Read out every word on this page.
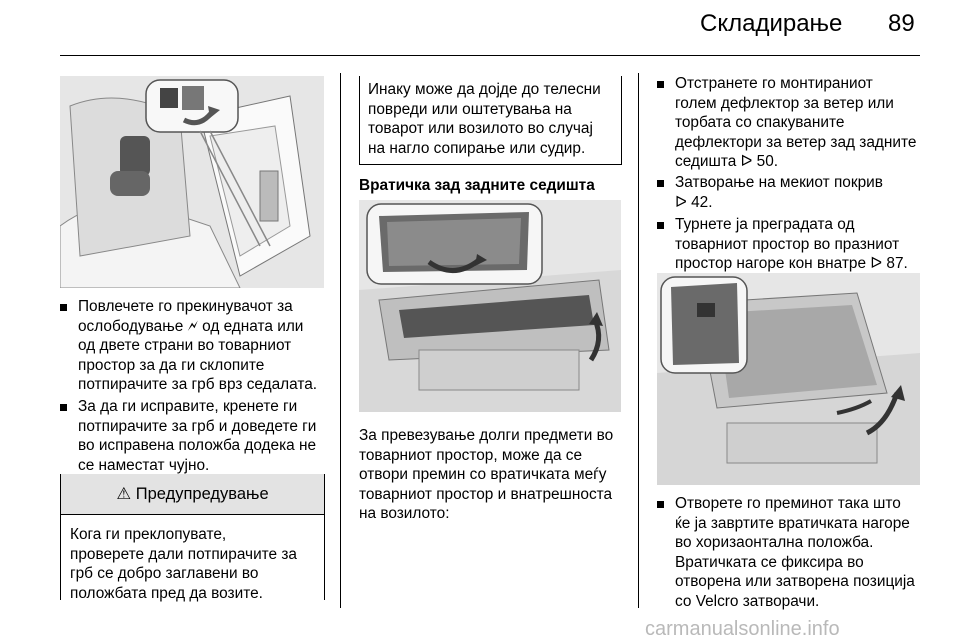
Складирање 89
Повлечете го прекинувачот за
ослободување 🗲 од едната или
од двете страни во товарниот
простор за да ги склопите
потпирачите за грб врз седалата.
За да ги исправите, кренете ги
потпирачите за грб и доведете ги
во исправена положба додека не
се наместат чујно.
⚠ Предупредување
Кога ги преклопувате,
проверете дали потпирачите за
грб се добро заглавени во
положбата пред да возите.
Инаку може да дојде до телесни
повреди или оштетувања на
товарот или возилото во случај
на нагло сопирање или судир.
Вратичка зад задните седишта
За превезување долги предмети во
товарниот простор, може да се
отвори премин со вратичката меѓу
товарниот простор и внатрешноста
на возилото:
Отстранете го монтираниот
голем дефлектор за ветер или
торбата со спакуваните
дефлектори за ветер зад задните
седишта ᐅ 50.
Затворање на мекиот покрив
ᐅ 42.
Турнете ја преградата од
товарниот простор во празниот
простор нагоре кон внатре ᐅ 87.
Отворете го преминот така што
ќе ја завртите вратичката нагоре
во хоризаонтална положба.
Вратичката се фиксира во
отворена или затворена позиција
со Velcro затворачи.
carmanualsonline.info
